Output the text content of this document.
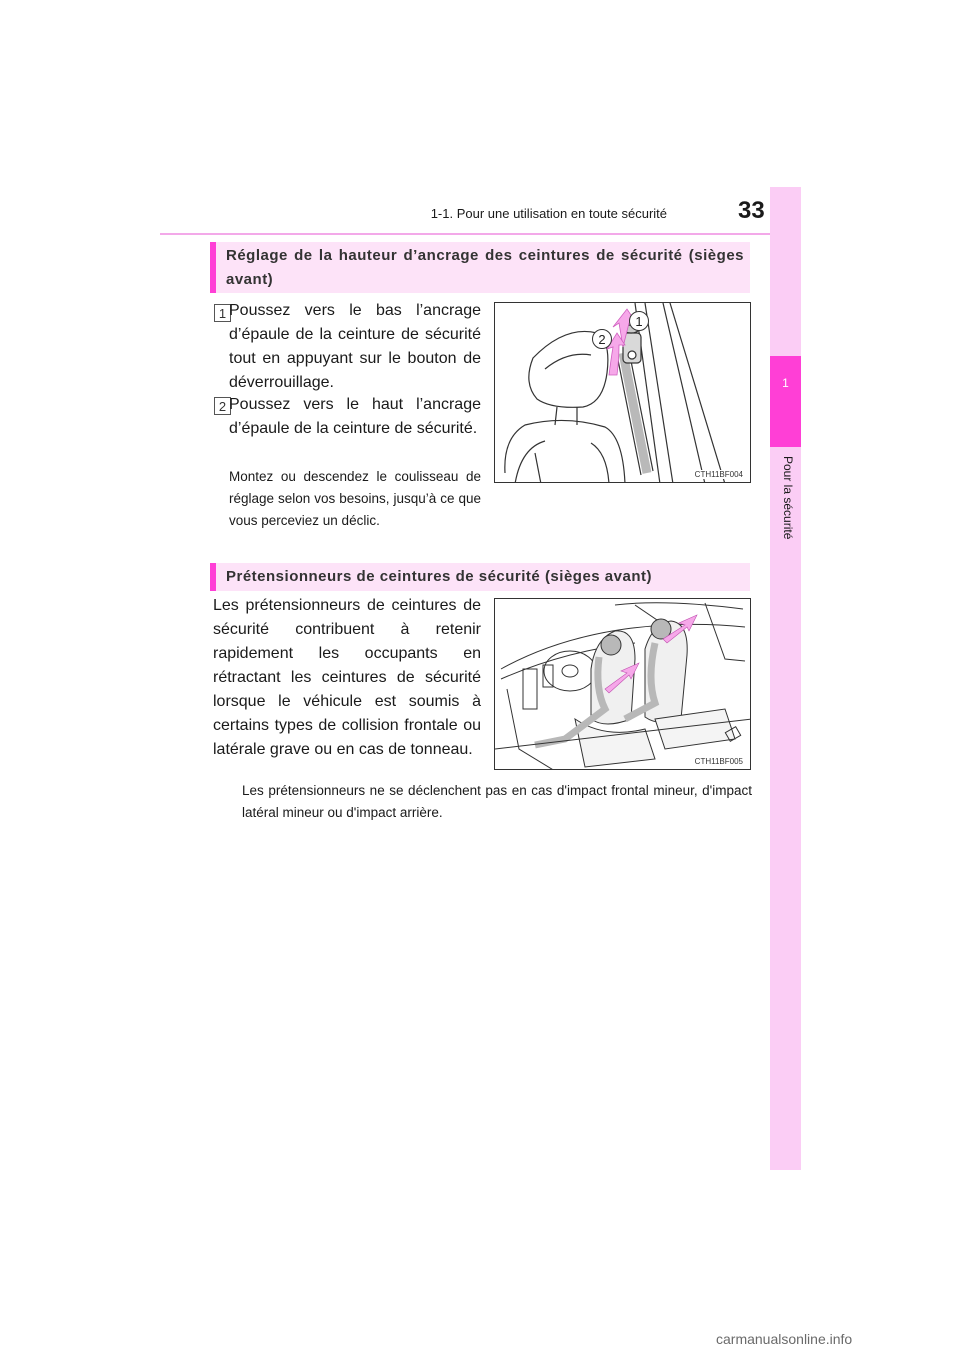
1-1. Pour une utilisation en toute sécurité	33
1
Pour la sécurité
Réglage de la hauteur d’ancrage des ceintures de sécurité (sièges avant)
1 Poussez vers le bas l’ancrage d’épaule de la ceinture de sécurité tout en appuyant sur le bouton de déverrouillage.
2 Poussez vers le haut l’ancrage d’épaule de la ceinture de sécurité.
Montez ou descendez le coulisseau de réglage selon vos besoins, jusqu’à ce que vous perceviez un déclic.
1
2
CTH11BF004
Prétensionneurs de ceintures de sécurité (sièges avant)
Les prétensionneurs de ceintures de sécurité contribuent à retenir rapidement les occupants en rétractant les ceintures de sécurité lorsque le véhicule est soumis à certains types de collision frontale ou latérale grave ou en cas de tonneau.
CTH11BF005
Les prétensionneurs ne se déclenchent pas en cas d'impact frontal mineur, d'impact latéral mineur ou d'impact arrière.
carmanualsonline.info
